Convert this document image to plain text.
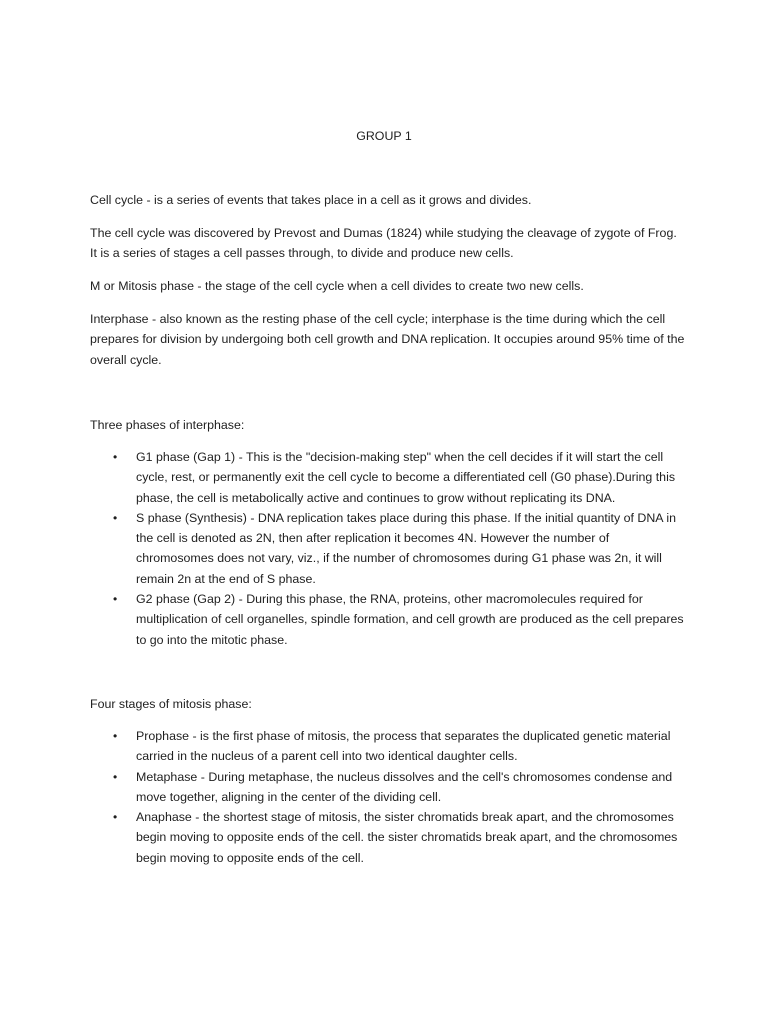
GROUP 1

Cell cycle - is a series of events that takes place in a cell as it grows and divides.

The cell cycle was discovered by Prevost and Dumas (1824) while studying the cleavage of zygote of Frog. It is a series of stages a cell passes through, to divide and produce new cells.

M or Mitosis phase - the stage of the cell cycle when a cell divides to create two new cells.

Interphase - also known as the resting phase of the cell cycle; interphase is the time during which the cell prepares for division by undergoing both cell growth and DNA replication. It occupies around 95% time of the overall cycle.

Three phases of interphase:

• G1 phase (Gap 1) - This is the "decision-making step" when the cell decides if it will start the cell cycle, rest, or permanently exit the cell cycle to become a differentiated cell (G0 phase).During this phase, the cell is metabolically active and continues to grow without replicating its DNA.
• S phase (Synthesis) - DNA replication takes place during this phase. If the initial quantity of DNA in the cell is denoted as 2N, then after replication it becomes 4N. However the number of chromosomes does not vary, viz., if the number of chromosomes during G1 phase was 2n, it will remain 2n at the end of S phase.
• G2 phase (Gap 2) - During this phase, the RNA, proteins, other macromolecules required for multiplication of cell organelles, spindle formation, and cell growth are produced as the cell prepares to go into the mitotic phase.

Four stages of mitosis phase:

• Prophase - is the first phase of mitosis, the process that separates the duplicated genetic material carried in the nucleus of a parent cell into two identical daughter cells.
• Metaphase - During metaphase, the nucleus dissolves and the cell's chromosomes condense and move together, aligning in the center of the dividing cell.
• Anaphase - the shortest stage of mitosis, the sister chromatids break apart, and the chromosomes begin moving to opposite ends of the cell. the sister chromatids break apart, and the chromosomes begin moving to opposite ends of the cell.
